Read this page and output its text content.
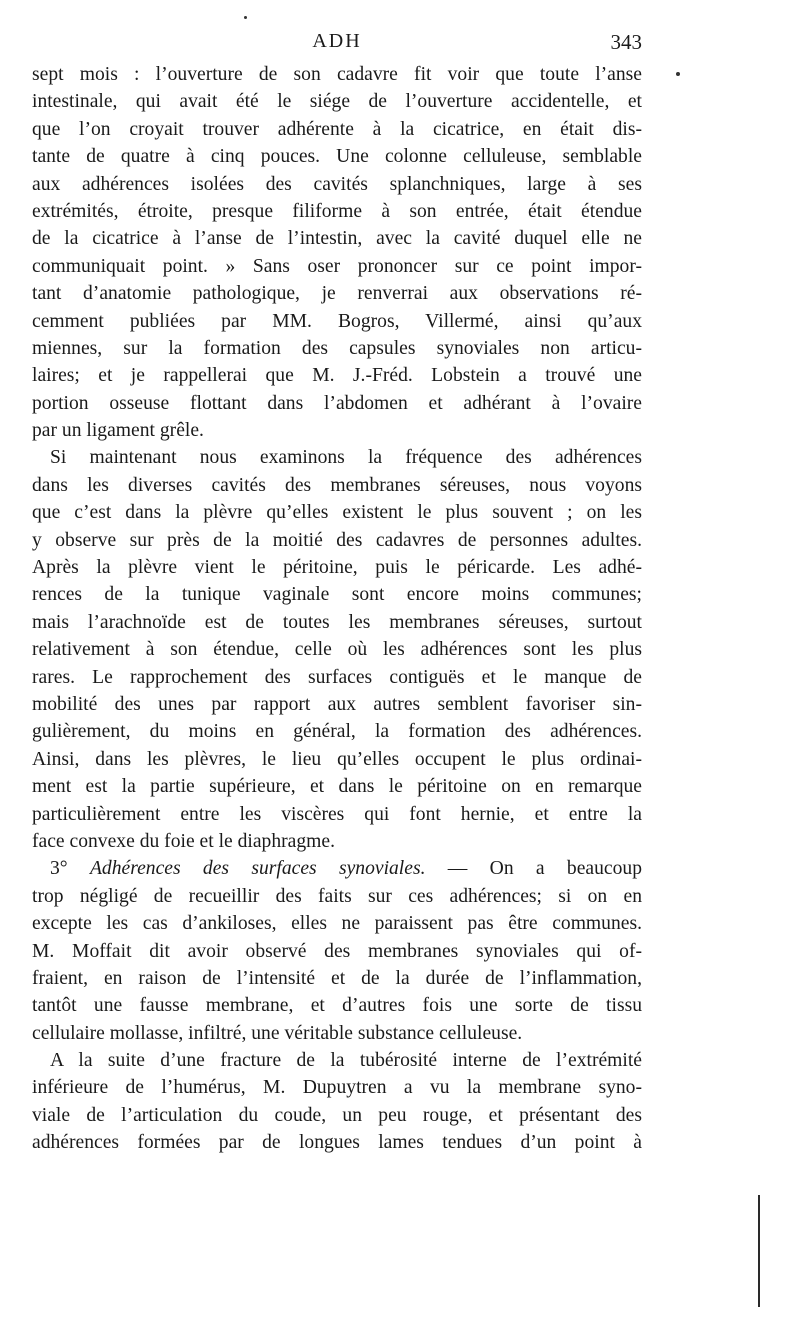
ADH	343
sept mois : l’ouverture de son cadavre fit voir que toute l’anse
intestinale, qui avait été le siége de l’ouverture accidentelle, et
que l’on croyait trouver adhérente à la cicatrice, en était dis-
tante de quatre à cinq pouces. Une colonne celluleuse, semblable
aux adhérences isolées des cavités splanchniques, large à ses
extrémités, étroite, presque filiforme à son entrée, était étendue
de la cicatrice à l’anse de l’intestin, avec la cavité duquel elle ne
communiquait point. » Sans oser prononcer sur ce point impor-
tant d’anatomie pathologique, je renverrai aux observations ré-
cemment publiées par MM. Bogros, Villermé, ainsi qu’aux
miennes, sur la formation des capsules synoviales non articu-
laires; et je rappellerai que M. J.-Fréd. Lobstein a trouvé une
portion osseuse flottant dans l’abdomen et adhérant à l’ovaire
par un ligament grêle.
Si maintenant nous examinons la fréquence des adhérences
dans les diverses cavités des membranes séreuses, nous voyons
que c’est dans la plèvre qu’elles existent le plus souvent ; on les
y observe sur près de la moitié des cadavres de personnes adultes.
Après la plèvre vient le péritoine, puis le péricarde. Les adhé-
rences de la tunique vaginale sont encore moins communes;
mais l’arachnoïde est de toutes les membranes séreuses, surtout
relativement à son étendue, celle où les adhérences sont les plus
rares. Le rapprochement des surfaces contiguës et le manque de
mobilité des unes par rapport aux autres semblent favoriser sin-
gulièrement, du moins en général, la formation des adhérences.
Ainsi, dans les plèvres, le lieu qu’elles occupent le plus ordinai-
ment est la partie supérieure, et dans le péritoine on en remarque
particulièrement entre les viscères qui font hernie, et entre la
face convexe du foie et le diaphragme.
3° Adhérences des surfaces synoviales. — On a beaucoup
trop négligé de recueillir des faits sur ces adhérences; si on en
excepte les cas d’ankiloses, elles ne paraissent pas être communes.
M. Moffait dit avoir observé des membranes synoviales qui of-
fraient, en raison de l’intensité et de la durée de l’inflammation,
tantôt une fausse membrane, et d’autres fois une sorte de tissu
cellulaire mollasse, infiltré, une véritable substance celluleuse.
A la suite d’une fracture de la tubérosité interne de l’extrémité
inférieure de l’humérus, M. Dupuytren a vu la membrane syno-
viale de l’articulation du coude, un peu rouge, et présentant des
adhérences formées par de longues lames tendues d’un point à
